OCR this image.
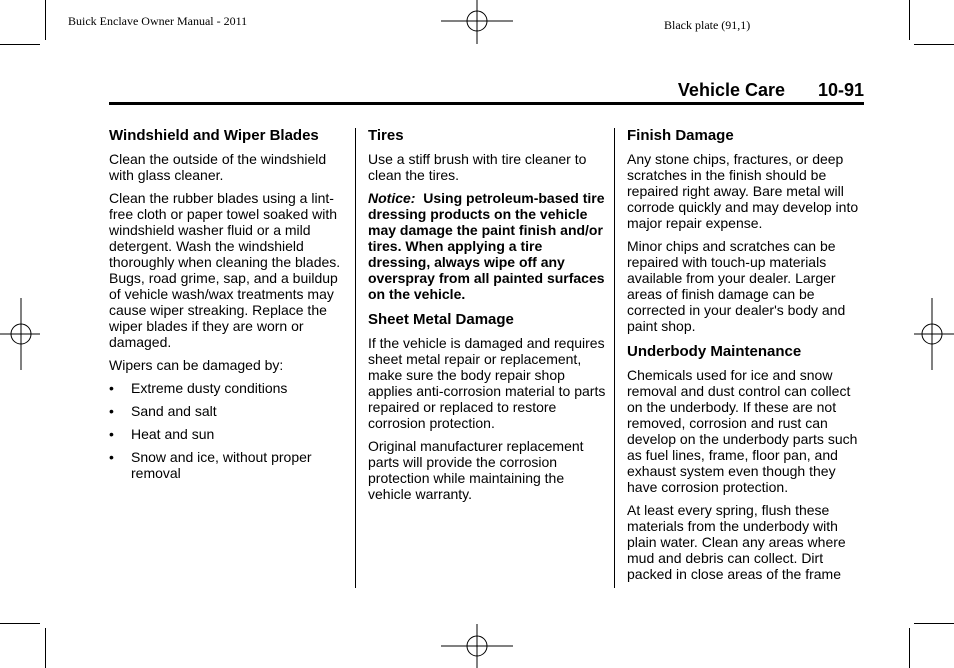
Buick Enclave Owner Manual - 2011	Black plate (91,1)
Vehicle Care 10-91
Windshield and Wiper Blades

Clean the outside of the windshield with glass cleaner.

Clean the rubber blades using a lint-free cloth or paper towel soaked with windshield washer fluid or a mild detergent. Wash the windshield thoroughly when cleaning the blades. Bugs, road grime, sap, and a buildup of vehicle wash/wax treatments may cause wiper streaking. Replace the wiper blades if they are worn or damaged.

Wipers can be damaged by:

• Extreme dusty conditions
• Sand and salt
• Heat and sun
• Snow and ice, without proper removal
Tires

Use a stiff brush with tire cleaner to clean the tires.

Notice: Using petroleum-based tire dressing products on the vehicle may damage the paint finish and/or tires. When applying a tire dressing, always wipe off any overspray from all painted surfaces on the vehicle.

Sheet Metal Damage

If the vehicle is damaged and requires sheet metal repair or replacement, make sure the body repair shop applies anti-corrosion material to parts repaired or replaced to restore corrosion protection.

Original manufacturer replacement parts will provide the corrosion protection while maintaining the vehicle warranty.

Finish Damage

Any stone chips, fractures, or deep scratches in the finish should be repaired right away. Bare metal will corrode quickly and may develop into major repair expense.

Minor chips and scratches can be repaired with touch-up materials available from your dealer. Larger areas of finish damage can be corrected in your dealer's body and paint shop.

Underbody Maintenance

Chemicals used for ice and snow removal and dust control can collect on the underbody. If these are not removed, corrosion and rust can develop on the underbody parts such as fuel lines, frame, floor pan, and exhaust system even though they have corrosion protection.

At least every spring, flush these materials from the underbody with plain water. Clean any areas where mud and debris can collect. Dirt packed in close areas of the frame
